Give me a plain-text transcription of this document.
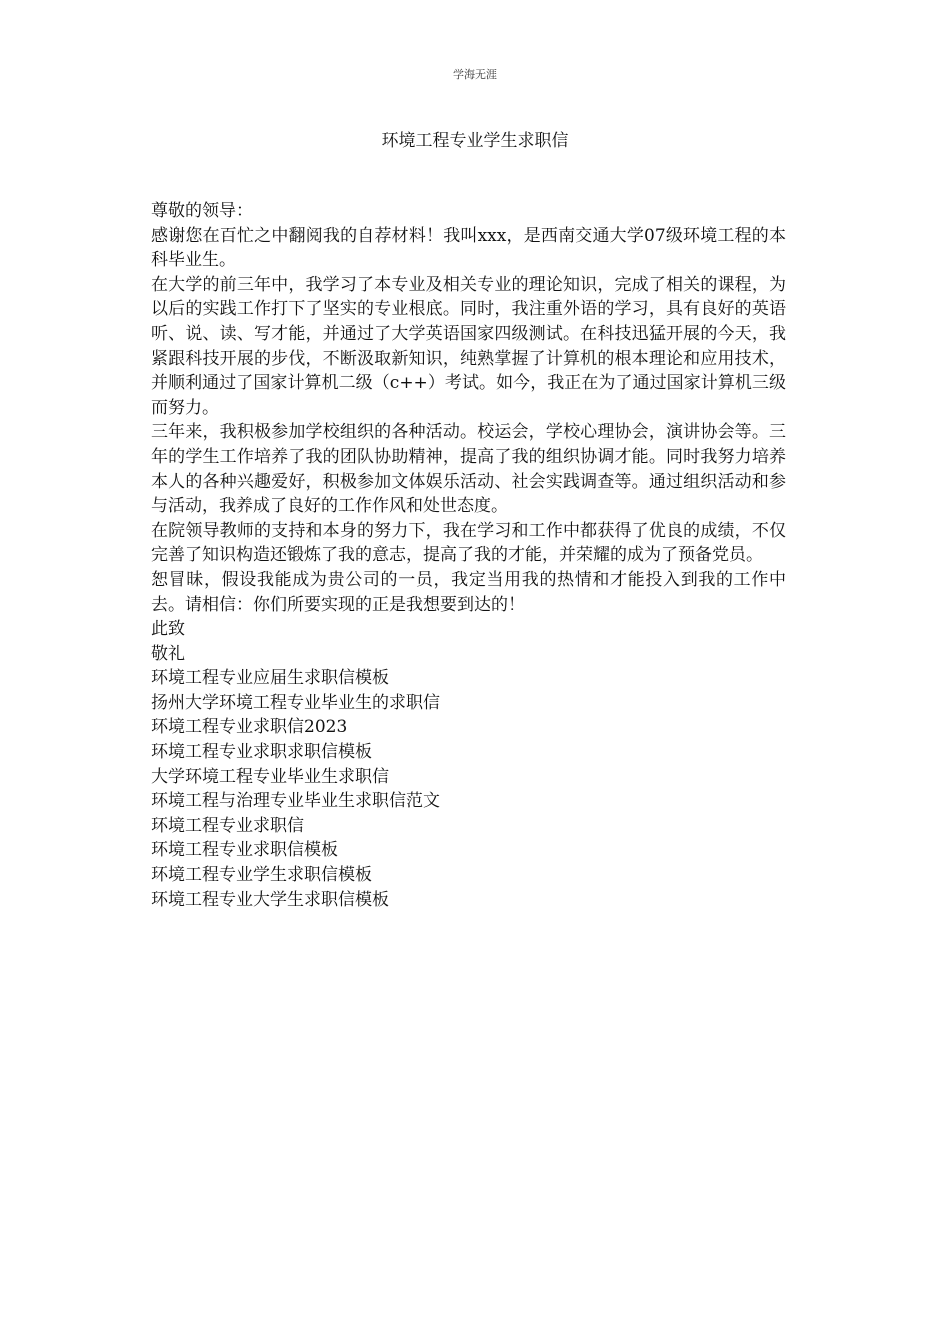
学海无涯
环境工程专业学生求职信

尊敬的领导：

感谢您在百忙之中翻阅我的自荐材料！我叫xxx，是西南交通大学07级环境工程的本科毕业生。

在大学的前三年中，我学习了本专业及相关专业的理论知识，完成了相关的课程，为以后的实践工作打下了坚实的专业根底。同时，我注重外语的学习，具有良好的英语听、说、读、写才能，并通过了大学英语国家四级测试。在科技迅猛开展的今天，我紧跟科技开展的步伐，不断汲取新知识，纯熟掌握了计算机的根本理论和应用技术，并顺利通过了国家计算机二级（c++）考试。如今，我正在为了通过国家计算机三级而努力。

三年来，我积极参加学校组织的各种活动。校运会，学校心理协会，演讲协会等。三年的学生工作培养了我的团队协助精神，提高了我的组织协调才能。同时我努力培养本人的各种兴趣爱好，积极参加文体娱乐活动、社会实践调查等。通过组织活动和参与活动，我养成了良好的工作作风和处世态度。

在院领导教师的支持和本身的努力下，我在学习和工作中都获得了优良的成绩，不仅完善了知识构造还锻炼了我的意志，提高了我的才能，并荣耀的成为了预备党员。

恕冒昧，假设我能成为贵公司的一员，我定当用我的热情和才能投入到我的工作中去。请相信：你们所要实现的正是我想要到达的！

此致

敬礼

环境工程专业应届生求职信模板
扬州大学环境工程专业毕业生的求职信
环境工程专业求职信2023
环境工程专业求职求职信模板
大学环境工程专业毕业生求职信
环境工程与治理专业毕业生求职信范文
环境工程专业求职信
环境工程专业求职信模板
环境工程专业学生求职信模板
环境工程专业大学生求职信模板
